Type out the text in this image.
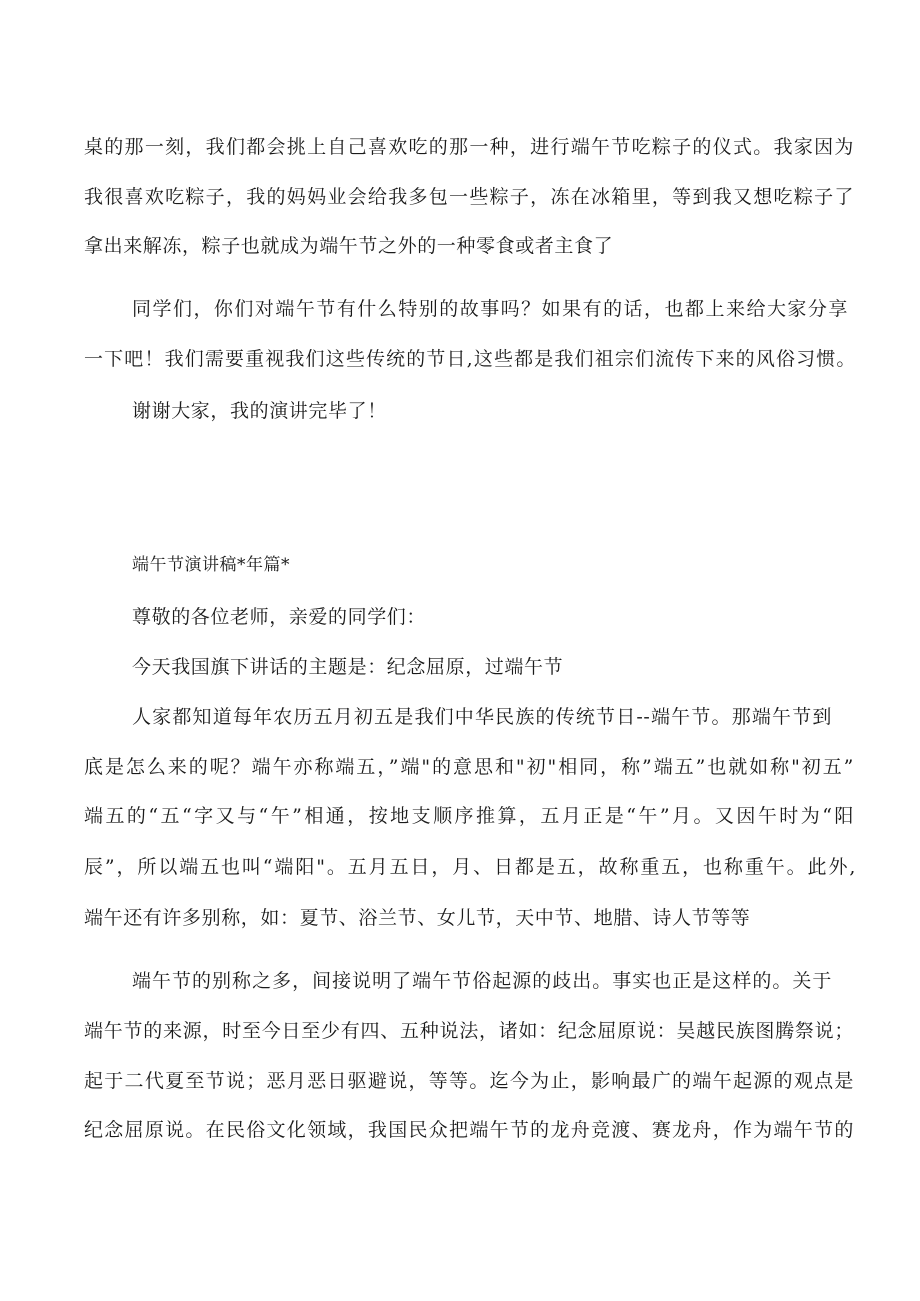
桌的那一刻，我们都会挑上自己喜欢吃的那一种，进行端午节吃粽子的仪式。我家因为
我很喜欢吃粽子，我的妈妈业会给我多包一些粽子，冻在冰箱里，等到我又想吃粽子了
拿出来解冻，粽子也就成为端午节之外的一种零食或者主食了
同学们，你们对端午节有什么特别的故事吗？如果有的话，也都上来给大家分享
一下吧！我们需要重视我们这些传统的节日,这些都是我们祖宗们流传下来的风俗习惯。
谢谢大家，我的演讲完毕了！
端午节演讲稿*年篇*
尊敬的各位老师，亲爱的同学们：
今天我国旗下讲话的主题是：纪念屈原，过端午节
人家都知道每年农历五月初五是我们中华民族的传统节日--端午节。那端午节到
底是怎么来的呢？端午亦称端五，”端"的意思和"初"相同，称”端五”也就如称"初五”
端五的“五“字又与“午”相通，按地支顺序推算，五月正是“午”月。又因午时为“阳
辰”，所以端五也叫“端阳"。五月五日，月、日都是五，故称重五，也称重午。此外,
端午还有许多别称，如：夏节、浴兰节、女儿节，天中节、地腊、诗人节等等
端午节的别称之多，间接说明了端午节俗起源的歧出。事实也正是这样的。关于
端午节的来源，时至今日至少有四、五种说法，诸如：纪念屈原说：吴越民族图腾祭说；
起于二代夏至节说；恶月恶日驱避说，等等。迄今为止，影响最广的端午起源的观点是
纪念屈原说。在民俗文化领域，我国民众把端午节的龙舟竞渡、赛龙舟，作为端午节的
